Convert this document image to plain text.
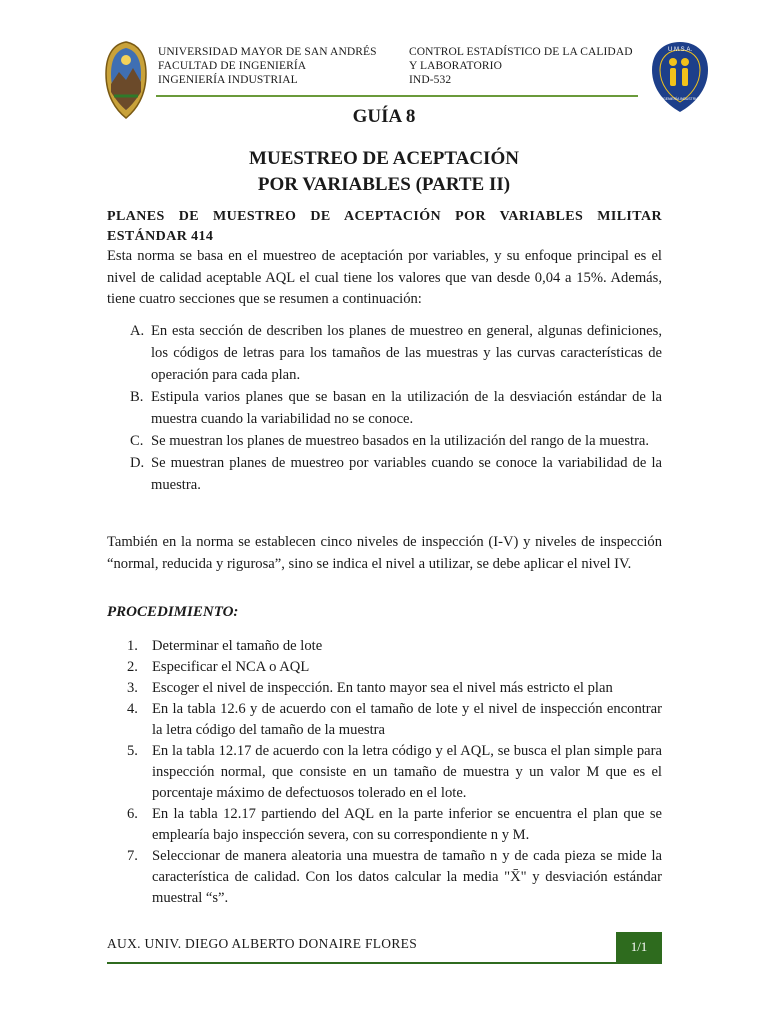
UNIVERSIDAD MAYOR DE SAN ANDRÉS
FACULTAD DE INGENIERÍA
INGENIERÍA INDUSTRIAL
CONTROL ESTADÍSTICO DE LA CALIDAD
Y LABORATORIO
IND-532
U.M.S.A.
INGENIERÍA INDUSTRIAL
GUÍA 8
MUESTREO DE ACEPTACIÓN
POR VARIABLES (PARTE II)
PLANES DE MUESTREO DE ACEPTACIÓN POR VARIABLES MILITAR ESTÁNDAR 414
Esta norma se basa en el muestreo de aceptación por variables, y su enfoque principal es el nivel de calidad aceptable AQL el cual tiene los valores que van desde 0,04 a 15%. Además, tiene cuatro secciones que se resumen a continuación:
A. En esta sección de describen los planes de muestreo en general, algunas definiciones, los códigos de letras para los tamaños de las muestras y las curvas características de operación para cada plan.
B. Estipula varios planes que se basan en la utilización de la desviación estándar de la muestra cuando la variabilidad no se conoce.
C. Se muestran los planes de muestreo basados en la utilización del rango de la muestra.
D. Se muestran planes de muestreo por variables cuando se conoce la variabilidad de la muestra.
También en la norma se establecen cinco niveles de inspección (I-V) y niveles de inspección “normal, reducida y rigurosa”, sino se indica el nivel a utilizar, se debe aplicar el nivel IV.
PROCEDIMIENTO:
1. Determinar el tamaño de lote
2. Especificar el NCA o AQL
3. Escoger el nivel de inspección. En tanto mayor sea el nivel más estricto el plan
4. En la tabla 12.6 y de acuerdo con el tamaño de lote y el nivel de inspección encontrar la letra código del tamaño de la muestra
5. En la tabla 12.17 de acuerdo con la letra código y el AQL, se busca el plan simple para inspección normal, que consiste en un tamaño de muestra y un valor M que es el porcentaje máximo de defectuosos tolerado en el lote.
6. En la tabla 12.17 partiendo del AQL en la parte inferior se encuentra el plan que se emplearía bajo inspección severa, con su correspondiente n y M.
7. Seleccionar de manera aleatoria una muestra de tamaño n y de cada pieza se mide la característica de calidad. Con los datos calcular la media "X̄" y desviación estándar muestral “s”.
AUX. UNIV. DIEGO ALBERTO DONAIRE FLORES	1/1
